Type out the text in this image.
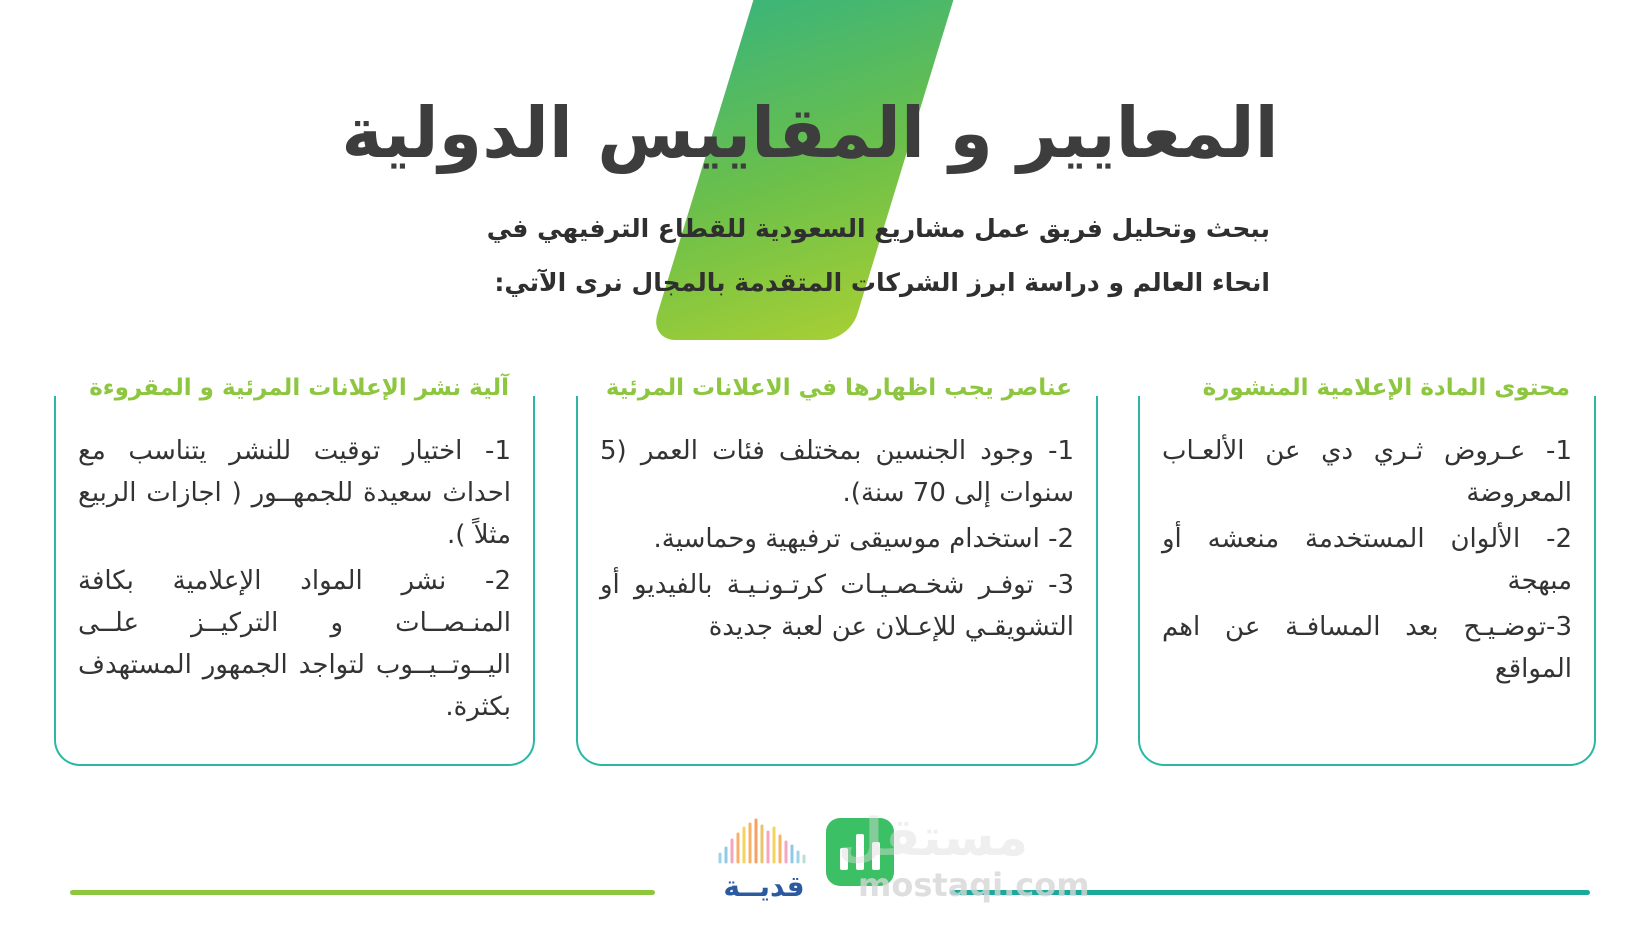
المعايير و المقاييس الدولية
ببحث وتحليل فريق عمل مشاريع السعودية للقطاع الترفيهي في
انحاء العالم و دراسة ابرز الشركات المتقدمة بالمجال نرى الآتي:
محتوى المادة الإعلامية المنشورة
1- عـروض ثـري دي عن الألعـاب المعروضة
2- الألوان المستخدمة منعشه أو مبهجة
3-توضـيـح بعد المسافـة عن اهم المواقع
عناصر يجب اظهارها في الاعلانات المرئية
1- وجود الجنسين بمختلف فئات العمر (5 سنوات إلى 70 سنة).
2- استخدام موسيقى ترفيهية وحماسية.
3- توفـر شخـصـيـات كرتـونـيـة بالفيديو أو التشويقـي للإعـلان عن لعبة جديدة
آلية نشر الإعلانات المرئية و المقروءة
1- اختيار توقيت للنشر يتناسب مع احداث سعيدة للجمهــور ( اجازات الربيع مثلاً ).
2- نشر المواد الإعلامية بكافة المنـصــات و التركيــز علــى اليــوتــيــوب لتواجد الجمهور المستهدف بكثرة.
قديــة
مستقل
mostaqi.com
